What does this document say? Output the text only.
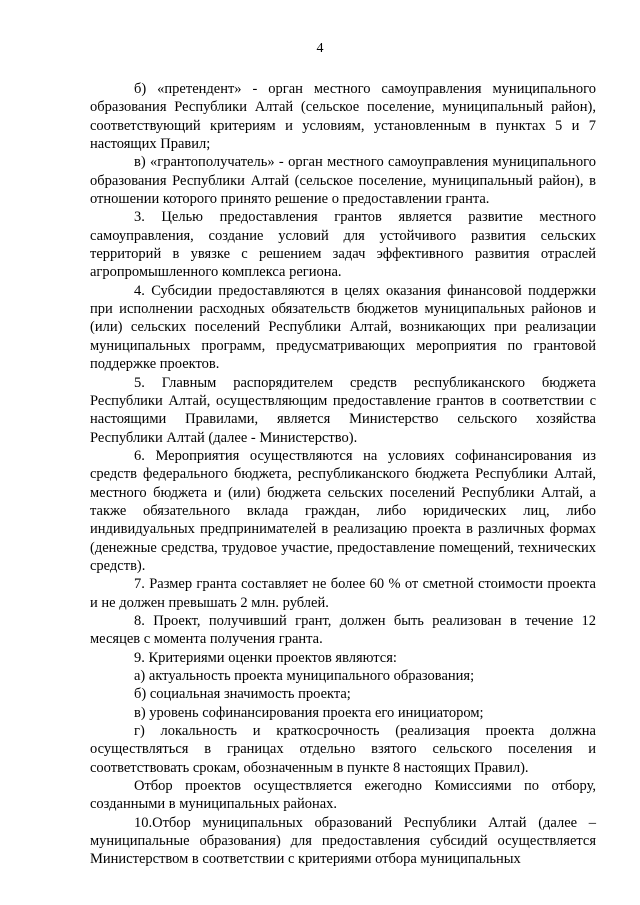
4

б) «претендент» - орган местного самоуправления муниципального образования Республики Алтай (сельское поселение, муниципальный район), соответствующий критериям и условиям, установленным в пунктах 5 и 7 настоящих Правил;

в) «грантополучатель» - орган местного самоуправления муниципального образования Республики Алтай (сельское поселение, муниципальный район), в отношении которого принято решение о предоставлении гранта.

3. Целью предоставления грантов является развитие местного самоуправления, создание условий для устойчивого развития сельских территорий в увязке с решением задач эффективного развития отраслей агропромышленного комплекса региона.

4. Субсидии предоставляются в целях оказания финансовой поддержки при исполнении расходных обязательств бюджетов муниципальных районов и (или) сельских поселений Республики Алтай, возникающих при реализации муниципальных программ, предусматривающих мероприятия по грантовой поддержке проектов.

5. Главным распорядителем средств республиканского бюджета Республики Алтай, осуществляющим предоставление грантов в соответствии с настоящими Правилами, является Министерство сельского хозяйства Республики Алтай (далее - Министерство).

6. Мероприятия осуществляются на условиях софинансирования из средств федерального бюджета, республиканского бюджета Республики Алтай, местного бюджета и (или) бюджета сельских поселений Республики Алтай, а также обязательного вклада граждан, либо юридических лиц, либо индивидуальных предпринимателей в реализацию проекта в различных формах (денежные средства, трудовое участие, предоставление помещений, технических средств).

7. Размер гранта составляет не более 60 % от сметной стоимости проекта и не должен превышать 2 млн. рублей.

8. Проект, получивший грант, должен быть реализован в течение 12 месяцев с момента получения гранта.

9. Критериями оценки проектов являются:

а) актуальность проекта муниципального образования;

б) социальная значимость проекта;

в) уровень софинансирования проекта его инициатором;

г) локальность и краткосрочность (реализация проекта должна осуществляться в границах отдельно взятого сельского поселения и соответствовать срокам, обозначенным в пункте 8 настоящих Правил).

Отбор проектов осуществляется ежегодно Комиссиями по отбору, созданными в муниципальных районах.

10.Отбор муниципальных образований Республики Алтай (далее – муниципальные образования) для предоставления субсидий осуществляется Министерством в соответствии с критериями отбора муниципальных
